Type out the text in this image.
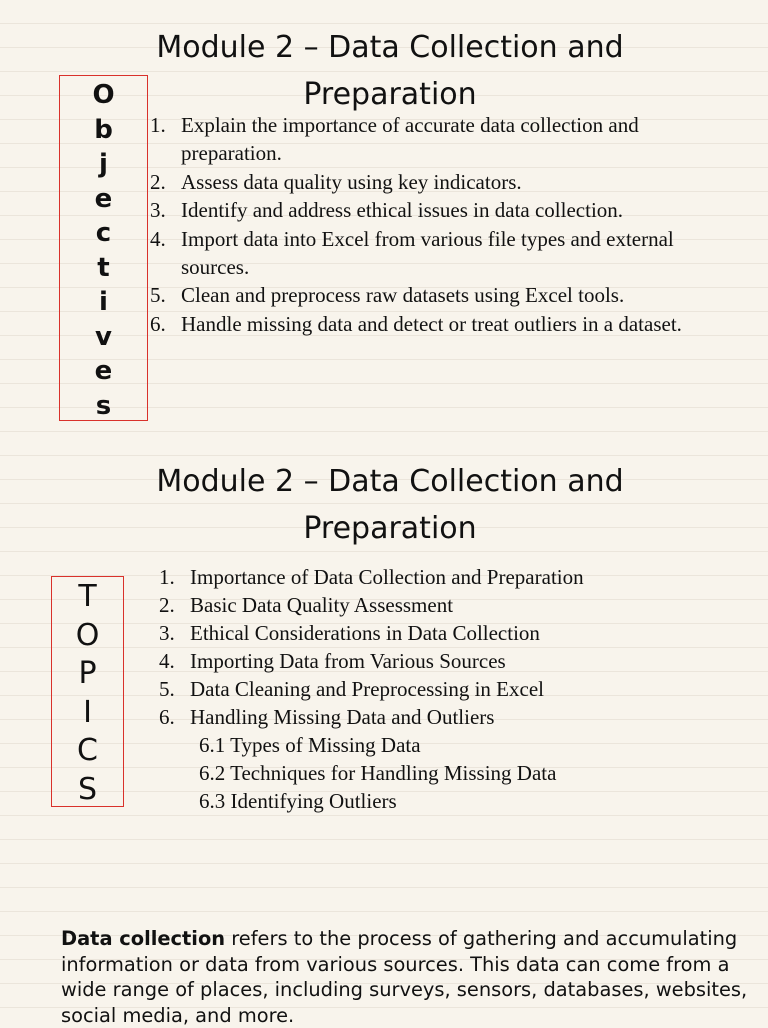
Module 2 – Data Collection and Preparation
O
b
j
e
c
t
i
v
e
s
1. Explain the importance of accurate data collection and preparation.
2. Assess data quality using key indicators.
3. Identify and address ethical issues in data collection.
4. Import data into Excel from various file types and external sources.
5. Clean and preprocess raw datasets using Excel tools.
6. Handle missing data and detect or treat outliers in a dataset.
Module 2 – Data Collection and Preparation
T
O
P
I
C
S
1. Importance of Data Collection and Preparation
2. Basic Data Quality Assessment
3. Ethical Considerations in Data Collection
4. Importing Data from Various Sources
5. Data Cleaning and Preprocessing in Excel
6. Handling Missing Data and Outliers
6.1 Types of Missing Data
6.2 Techniques for Handling Missing Data
6.3 Identifying Outliers

Data collection refers to the process of gathering and accumulating information or data from various sources. This data can come from a wide range of places, including surveys, sensors, databases, websites, social media, and more.
